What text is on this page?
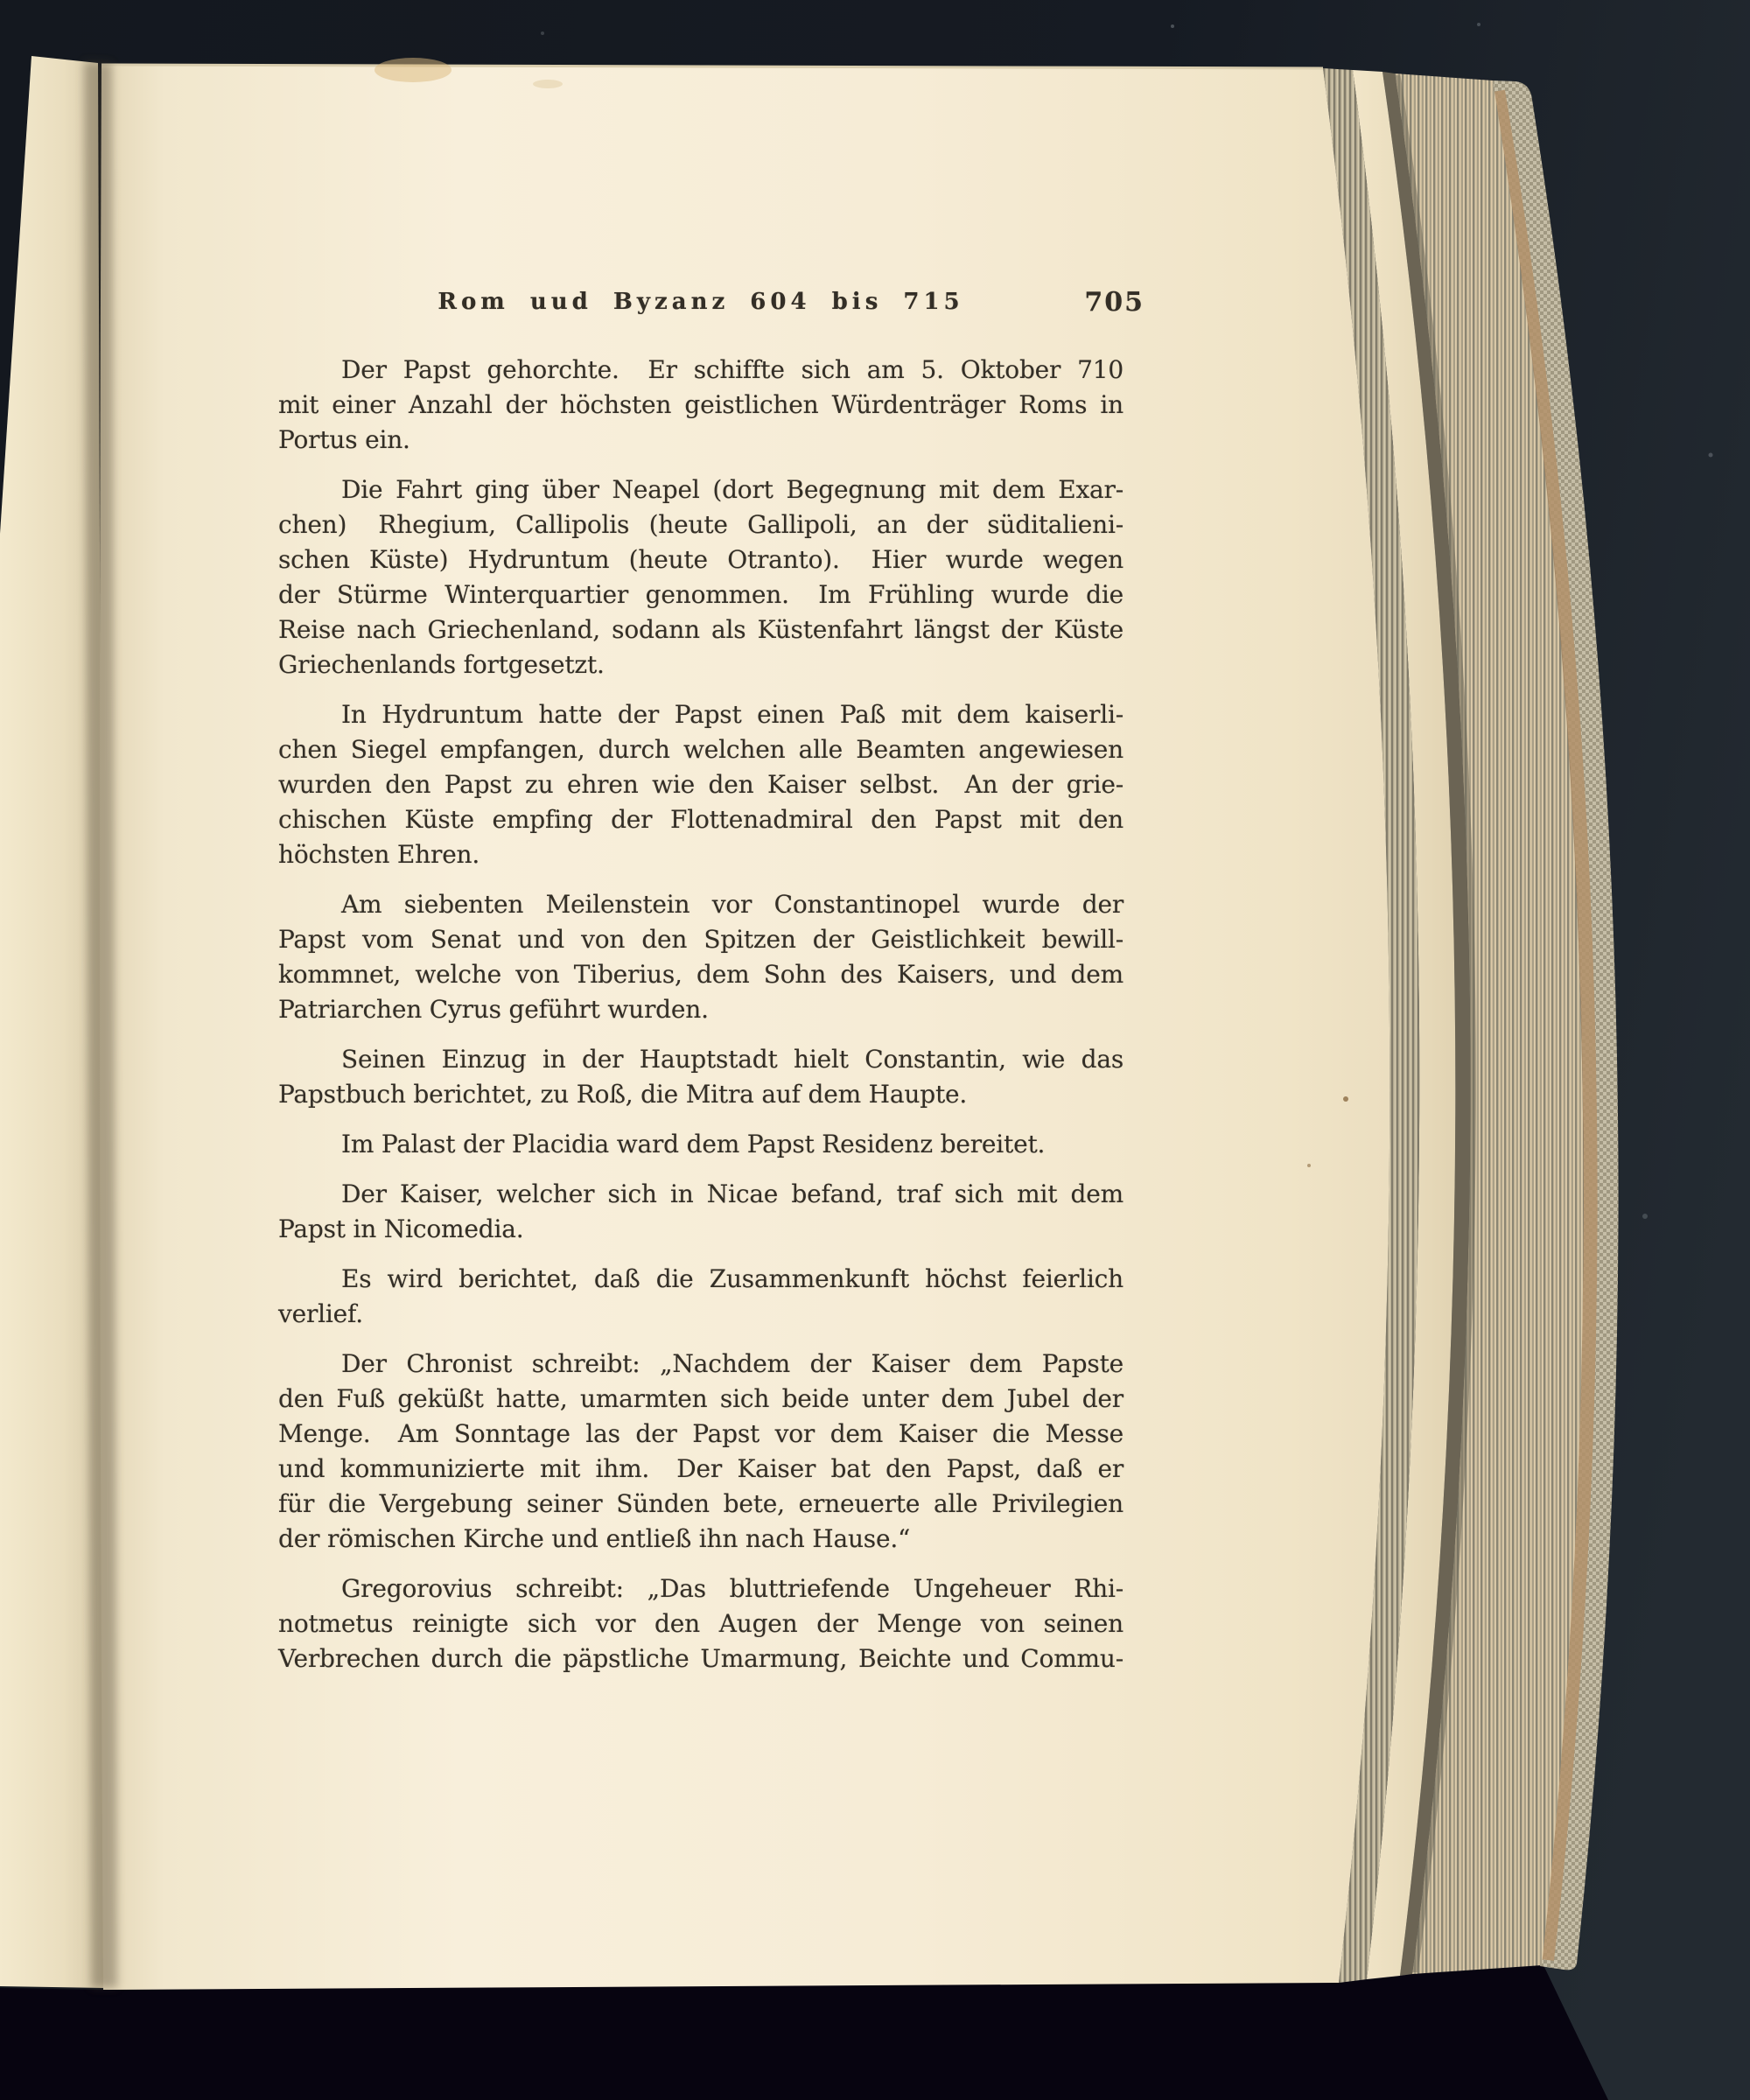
Rom uud Byzanz 604 bis 715	705
Der Papst gehorchte.  Er schiffte sich am 5. Oktober 710
mit einer Anzahl der höchsten geistlichen Würdenträger Roms in
Portus ein.
Die Fahrt ging über Neapel (dort Begegnung mit dem Exar-
chen)  Rhegium, Callipolis (heute Gallipoli, an der süditalieni-
schen Küste) Hydruntum (heute Otranto).  Hier wurde wegen
der Stürme Winterquartier genommen.  Im Frühling wurde die
Reise nach Griechenland, sodann als Küstenfahrt längst der Küste
Griechenlands fortgesetzt.
In Hydruntum hatte der Papst einen Paß mit dem kaiserli-
chen Siegel empfangen, durch welchen alle Beamten angewiesen
wurden den Papst zu ehren wie den Kaiser selbst.  An der grie-
chischen Küste empfing der Flottenadmiral den Papst mit den
höchsten Ehren.
Am siebenten Meilenstein vor Constantinopel wurde der
Papst vom Senat und von den Spitzen der Geistlichkeit bewill-
kommnet, welche von Tiberius, dem Sohn des Kaisers, und dem
Patriarchen Cyrus geführt wurden.
Seinen Einzug in der Hauptstadt hielt Constantin, wie das
Papstbuch berichtet, zu Roß, die Mitra auf dem Haupte.
Im Palast der Placidia ward dem Papst Residenz bereitet.
Der Kaiser, welcher sich in Nicae befand, traf sich mit dem
Papst in Nicomedia.
Es wird berichtet, daß die Zusammenkunft höchst feierlich
verlief.
Der Chronist schreibt: „Nachdem der Kaiser dem Papste
den Fuß geküßt hatte, umarmten sich beide unter dem Jubel der
Menge.  Am Sonntage las der Papst vor dem Kaiser die Messe
und kommunizierte mit ihm.  Der Kaiser bat den Papst, daß er
für die Vergebung seiner Sünden bete, erneuerte alle Privilegien
der römischen Kirche und entließ ihn nach Hause.“
Gregorovius schreibt: „Das bluttriefende Ungeheuer Rhi-
notmetus reinigte sich vor den Augen der Menge von seinen
Verbrechen durch die päpstliche Umarmung, Beichte und Commu-
